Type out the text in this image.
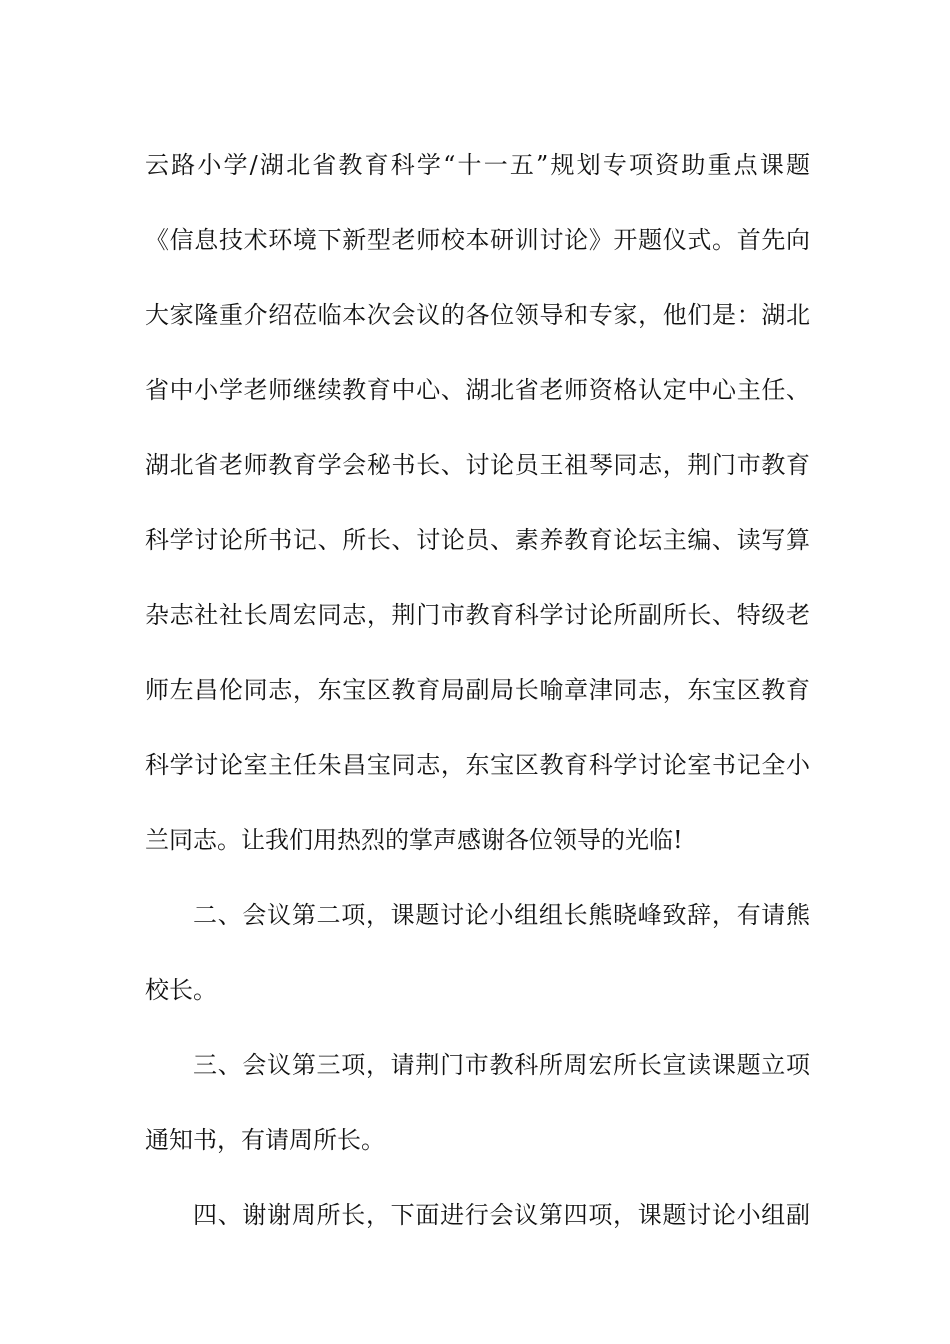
云路小学/湖北省教育科学“十一五”规划专项资助重点课题
《信息技术环境下新型老师校本研训讨论》开题仪式。首先向
大家隆重介绍莅临本次会议的各位领导和专家，他们是：湖北
省中小学老师继续教育中心、湖北省老师资格认定中心主任、
湖北省老师教育学会秘书长、讨论员王祖琴同志，荆门市教育
科学讨论所书记、所长、讨论员、素养教育论坛主编、读写算
杂志社社长周宏同志，荆门市教育科学讨论所副所长、特级老
师左昌伦同志，东宝区教育局副局长喻章津同志，东宝区教育
科学讨论室主任朱昌宝同志，东宝区教育科学讨论室书记全小
兰同志。让我们用热烈的掌声感谢各位领导的光临!
二、会议第二项，课题讨论小组组长熊晓峰致辞，有请熊
校长。
三、会议第三项，请荆门市教科所周宏所长宣读课题立项
通知书，有请周所长。
四、谢谢周所长，下面进行会议第四项，课题讨论小组副
